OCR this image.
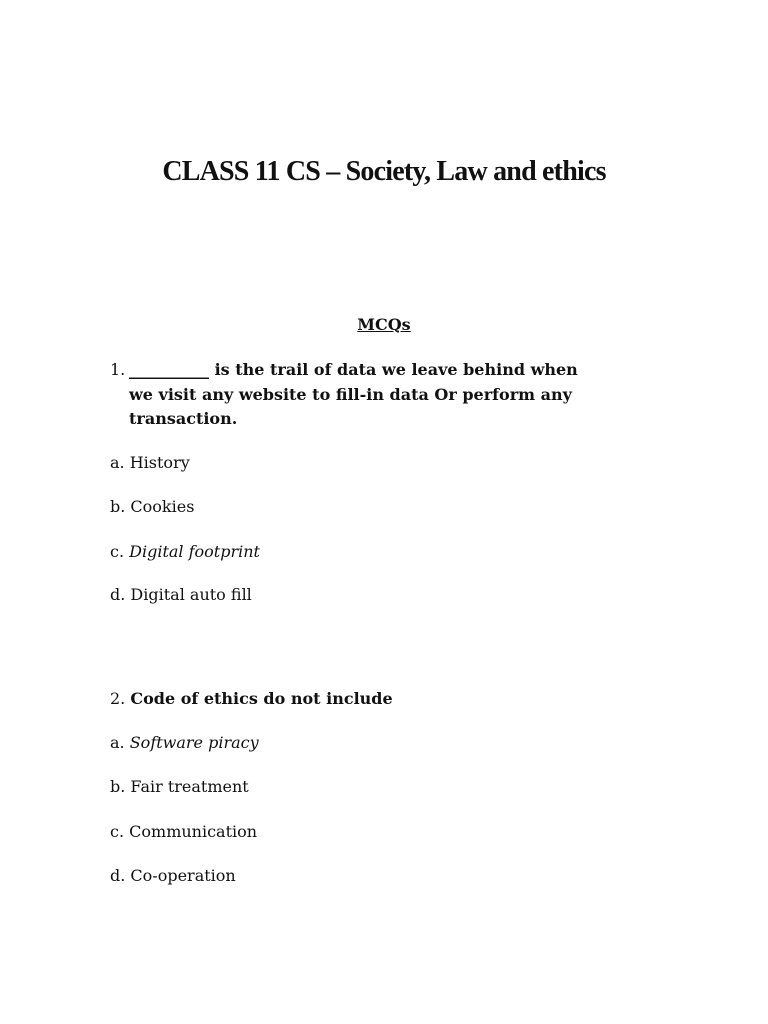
CLASS 11 CS – Society, Law and ethics

MCQs

1. __________ is the trail of data we leave behind when we visit any website to fill-in data Or perform any transaction.

a. History

b. Cookies

c. Digital footprint

d. Digital auto fill

2. Code of ethics do not include

a. Software piracy

b. Fair treatment

c. Communication

d. Co-operation
